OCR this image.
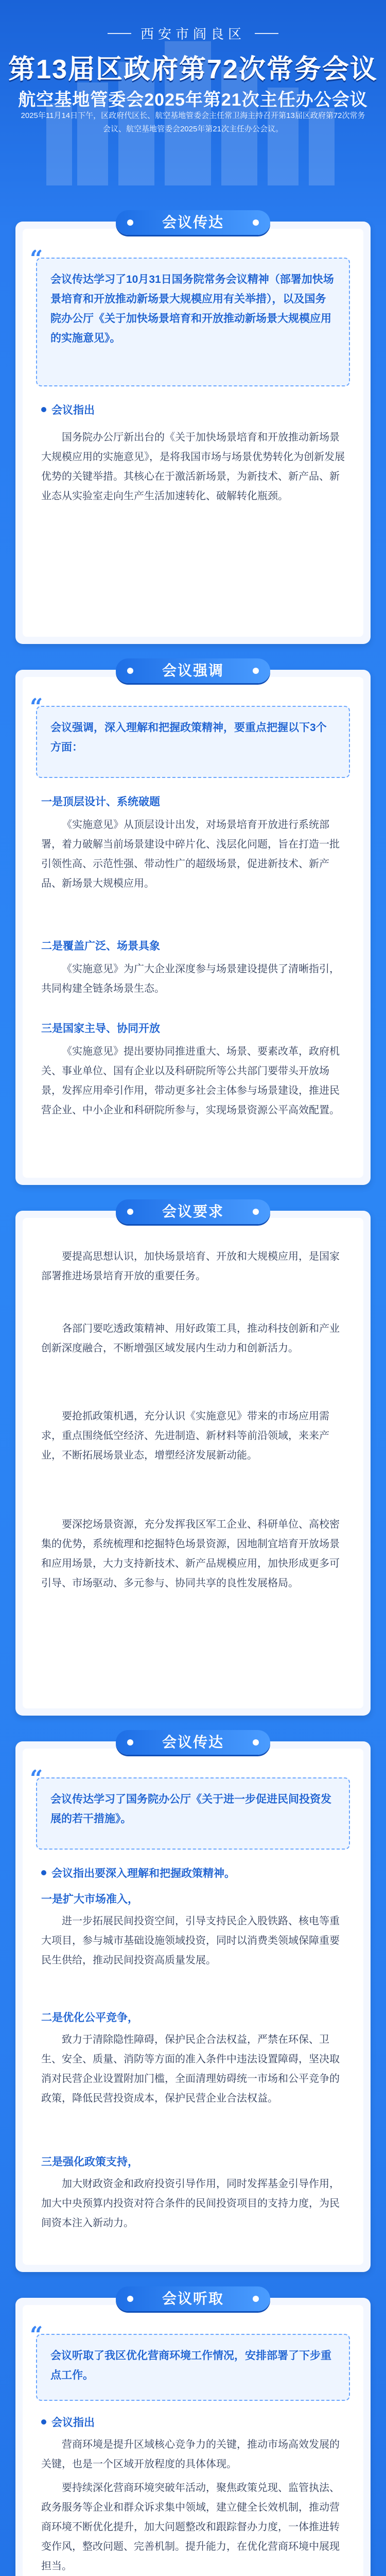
西安市阎良区
第13届区政府第72次常务会议
航空基地管委会2025年第21次主任办公会议
2025年11月14日下午，区政府代区长、航空基地管委会主任常卫海主持召开第13届区政府第72次常务会议、航空基地管委会2025年第21次主任办公会议。
会议传达
“
会议传达学习了10月31日国务院常务会议精神（部署加快场景培育和开放推动新场景大规模应用有关举措），以及国务院办公厅《关于加快场景培育和开放推动新场景大规模应用的实施意见》。
会议指出
国务院办公厅新出台的《关于加快场景培育和开放推动新场景大规模应用的实施意见》，是将我国市场与场景优势转化为创新发展优势的关键举措。其核心在于激活新场景，为新技术、新产品、新业态从实验室走向生产生活加速转化、破解转化瓶颈。
会议强调
“
会议强调，深入理解和把握政策精神，要重点把握以下3个方面：
一是顶层设计、系统破题
《实施意见》从顶层设计出发，对场景培育开放进行系统部署，着力破解当前场景建设中碎片化、浅层化问题，旨在打造一批引领性高、示范性强、带动性广的超级场景，促进新技术、新产品、新场景大规模应用。
二是覆盖广泛、场景具象
《实施意见》为广大企业深度参与场景建设提供了清晰指引，共同构建全链条场景生态。
三是国家主导、协同开放
《实施意见》提出要协同推进重大、场景、要素改革，政府机关、事业单位、国有企业以及科研院所等公共部门要带头开放场景，发挥应用牵引作用，带动更多社会主体参与场景建设，推进民营企业、中小企业和科研院所参与，实现场景资源公平高效配置。
会议要求
要提高思想认识，加快场景培育、开放和大规模应用，是国家部署推进场景培育开放的重要任务。
各部门要吃透政策精神、用好政策工具，推动科技创新和产业创新深度融合，不断增强区域发展内生动力和创新活力。
要抢抓政策机遇，充分认识《实施意见》带来的市场应用需求，重点围绕低空经济、先进制造、新材料等前沿领域，来来产业，不断拓展场景业态，增塑经济发展新动能。
要深挖场景资源，充分发挥我区军工企业、科研单位、高校密集的优势，系统梳理和挖掘特色场景资源，因地制宜培育开放场景和应用场景，大力支持新技术、新产品规模应用，加快形成更多可引导、市场驱动、多元参与、协同共享的良性发展格局。
会议传达
“
会议传达学习了国务院办公厅《关于进一步促进民间投资发展的若干措施》。
会议指出要深入理解和把握政策精神。
一是扩大市场准入，
进一步拓展民间投资空间，引导支持民企入股铁路、核电等重大项目，参与城市基础设施领域投资，同时以消费类领域保障重要民生供给，推动民间投资高质量发展。
二是优化公平竞争，
致力于清除隐性障碍，保护民企合法权益，严禁在环保、卫生、安全、质量、消防等方面的准入条件中违法设置障碍，坚决取消对民营企业设置附加门槛，全面清理妨碍统一市场和公平竞争的政策，降低民营投资成本，保护民营企业合法权益。
三是强化政策支持，
加大财政资金和政府投资引导作用，同时发挥基金引导作用，加大中央预算内投资对符合条件的民间投资项目的支持力度，为民间资本注入新动力。
会议听取
“
会议听取了我区优化营商环境工作情况，安排部署了下步重点工作。
会议指出
营商环境是提升区域核心竞争力的关键，推动市场高效发展的关键，也是一个区域开放程度的具体体现。
要持续深化营商环境突破年活动，聚焦政策兑现、监管执法、政务服务等企业和群众诉求集中领域，建立健全长效机制，推动营商环境不断优化提升，加大问题整改和跟踪督办力度，一体推进转变作风，整改问题、完善机制。提升能力，在优化营商环境中展现担当。
